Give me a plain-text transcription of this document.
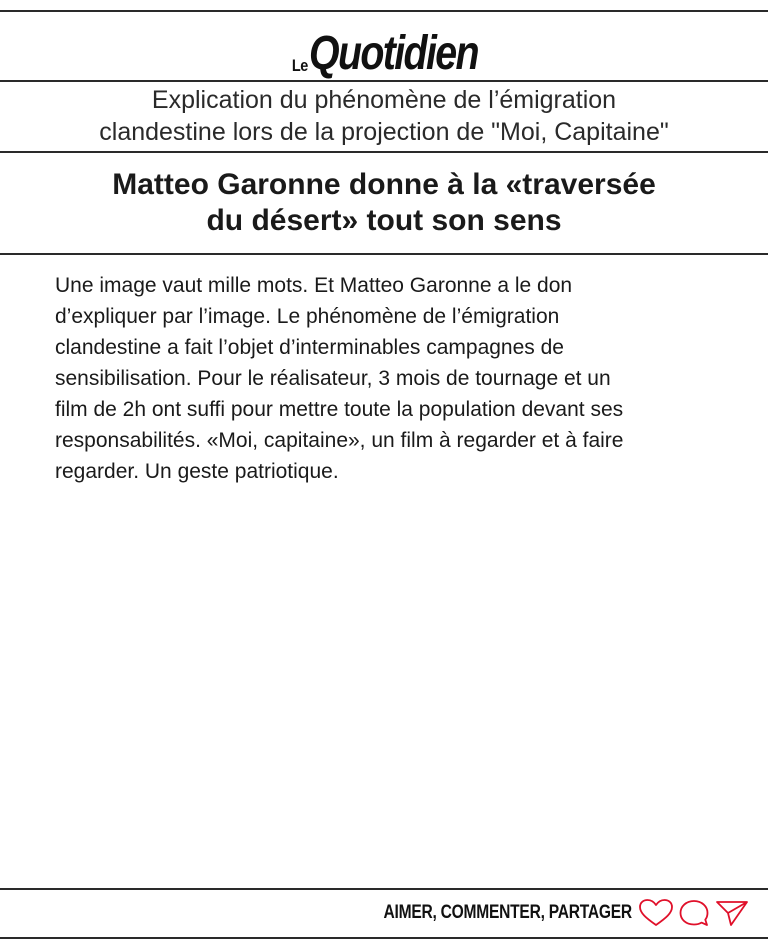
Le Quotidien
Explication du phénomène de l’émigration
clandestine lors de la projection de "Moi, Capitaine"
Matteo Garonne donne à la «traversée
du désert» tout son sens
Une image vaut mille mots. Et Matteo Garonne a le don
d’expliquer par l’image. Le phénomène de l’émigration
clandestine a fait l’objet d’interminables campagnes de
sensibilisation. Pour le réalisateur, 3 mois de tournage et un
film de 2h ont suffi pour mettre toute la population devant ses
responsabilités. «Moi, capitaine», un film à regarder et à faire
regarder. Un geste patriotique.
AIMER, COMMENTER, PARTAGER
